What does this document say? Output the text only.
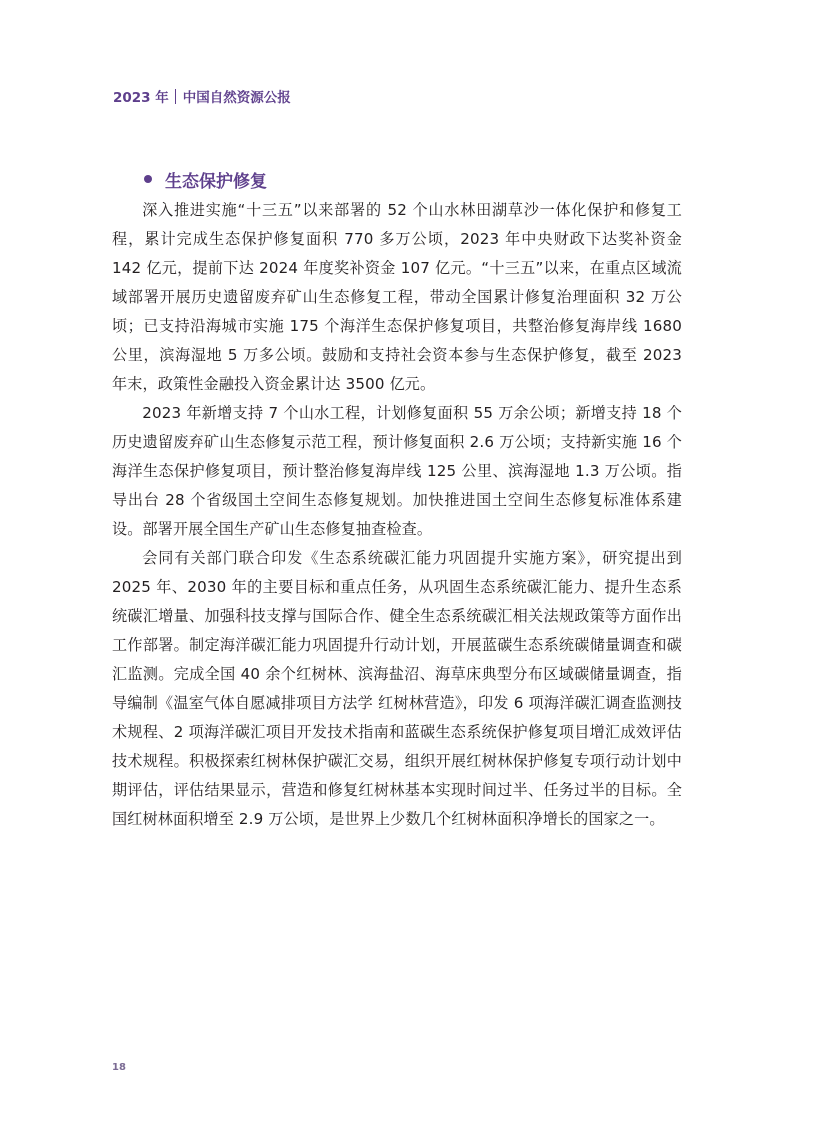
2023 年 中国自然资源公报
生态保护修复

深入推进实施“十三五”以来部署的 52 个山水林田湖草沙一体化保护和修复工程，累计完成生态保护修复面积 770 多万公顷，2023 年中央财政下达奖补资金 142 亿元，提前下达 2024 年度奖补资金 107 亿元。“十三五”以来，在重点区域流域部署开展历史遗留废弃矿山生态修复工程，带动全国累计修复治理面积 32 万公顷；已支持沿海城市实施 175 个海洋生态保护修复项目，共整治修复海岸线 1680 公里，滨海湿地 5 万多公顷。鼓励和支持社会资本参与生态保护修复，截至 2023 年末，政策性金融投入资金累计达 3500 亿元。

2023 年新增支持 7 个山水工程，计划修复面积 55 万余公顷；新增支持 18 个历史遗留废弃矿山生态修复示范工程，预计修复面积 2.6 万公顷；支持新实施 16 个海洋生态保护修复项目，预计整治修复海岸线 125 公里、滨海湿地 1.3 万公顷。指导出台 28 个省级国土空间生态修复规划。加快推进国土空间生态修复标准体系建设。部署开展全国生产矿山生态修复抽查检查。

会同有关部门联合印发《生态系统碳汇能力巩固提升实施方案》，研究提出到 2025 年、2030 年的主要目标和重点任务，从巩固生态系统碳汇能力、提升生态系统碳汇增量、加强科技支撑与国际合作、健全生态系统碳汇相关法规政策等方面作出工作部署。制定海洋碳汇能力巩固提升行动计划，开展蓝碳生态系统碳储量调查和碳汇监测。完成全国 40 余个红树林、滨海盐沼、海草床典型分布区域碳储量调查，指导编制《温室气体自愿减排项目方法学 红树林营造》，印发 6 项海洋碳汇调查监测技术规程、2 项海洋碳汇项目开发技术指南和蓝碳生态系统保护修复项目增汇成效评估技术规程。积极探索红树林保护碳汇交易，组织开展红树林保护修复专项行动计划中期评估，评估结果显示，营造和修复红树林基本实现时间过半、任务过半的目标。全国红树林面积增至 2.9 万公顷，是世界上少数几个红树林面积净增长的国家之一。

18
